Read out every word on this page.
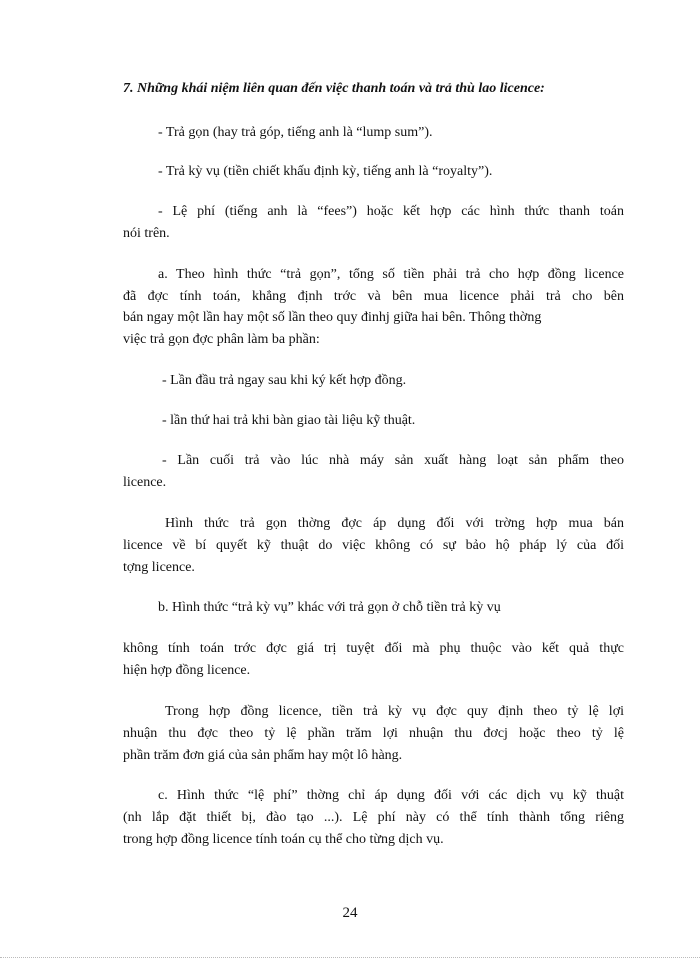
7. Những khái niệm liên quan đến việc thanh toán và trả thù lao licence:
- Trả gọn (hay trả góp, tiếng anh là “lump sum”).
- Trả kỳ vụ (tiền chiết khấu định kỳ, tiếng anh là “royalty”).
- Lệ phí (tiếng anh là “fees”) hoặc kết hợp các hình thức thanh toán
nói trên.
a. Theo hình thức “trả gọn”, tổng số tiền phải trả cho hợp đồng licence
đã đợc tính toán, khẳng định trớc và bên mua licence phải trả cho bên
bán ngay một lần hay một số lần theo quy đinhj giữa hai bên. Thông thờng
việc trả gọn đợc phân làm ba phần:
- Lần đầu trả ngay sau khi ký kết hợp đồng.
- lần thứ hai trả khi bàn giao tài liệu kỹ thuật.
- Lần cuối trả vào lúc nhà máy sản xuất hàng loạt sản phẩm theo
licence.
Hình thức trả gọn thờng đợc áp dụng đối với trờng hợp mua bán
licence về bí quyết kỹ thuật do việc không có sự bảo hộ pháp lý của đối
tợng licence.
b. Hình thức “trả kỳ vụ” khác với trả gọn ở chỗ tiền trả kỳ vụ
không tính toán trớc đợc giá trị tuyệt đối mà phụ thuộc vào kết quả thực
hiện hợp đồng licence.
Trong hợp đồng licence, tiền trả kỳ vụ đợc quy định theo tỷ lệ lợi
nhuận thu đợc theo tỷ lệ phần trăm lợi nhuận thu đơcj hoặc theo tỷ lệ
phần trăm đơn giá của sản phẩm hay một lô hàng.
c. Hình thức “lệ phí” thờng chỉ áp dụng đối với các dịch vụ kỹ thuật
(nh lắp đặt thiết bị, đào tạo ...). Lệ phí này có thể tính thành tổng riêng
trong hợp đồng licence tính toán cụ thể cho từng dịch vụ.
24
